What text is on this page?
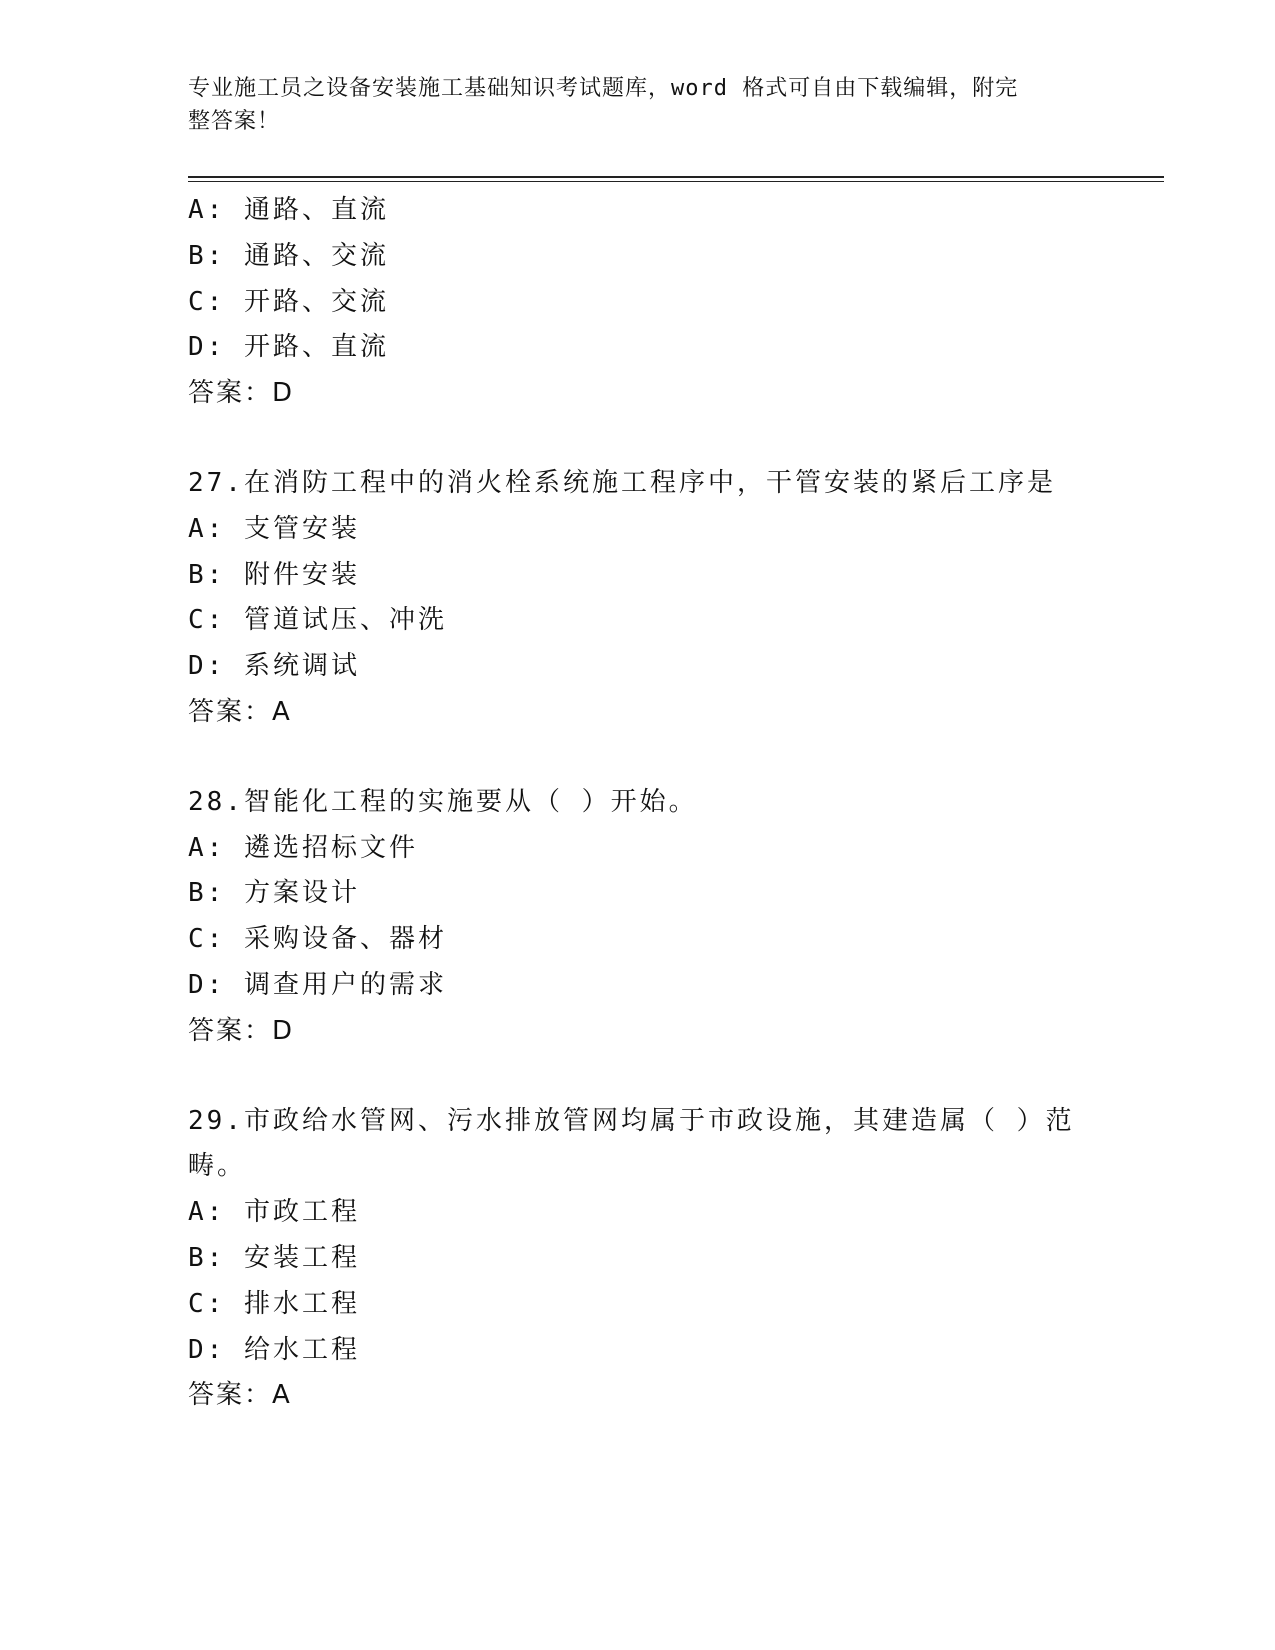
专业施工员之设备安装施工基础知识考试题库，word 格式可自由下载编辑，附完
整答案！
A: 通路、直流
B: 通路、交流
C: 开路、交流
D: 开路、直流
答案：D
27.在消防工程中的消火栓系统施工程序中，干管安装的紧后工序是
A: 支管安装
B: 附件安装
C: 管道试压、冲洗
D: 系统调试
答案：A
28.智能化工程的实施要从（ ）开始。
A: 遴选招标文件
B: 方案设计
C: 采购设备、器材
D: 调查用户的需求
答案：D
29.市政给水管网、污水排放管网均属于市政设施，其建造属（ ）范
畴。
A: 市政工程
B: 安装工程
C: 排水工程
D: 给水工程
答案：A
